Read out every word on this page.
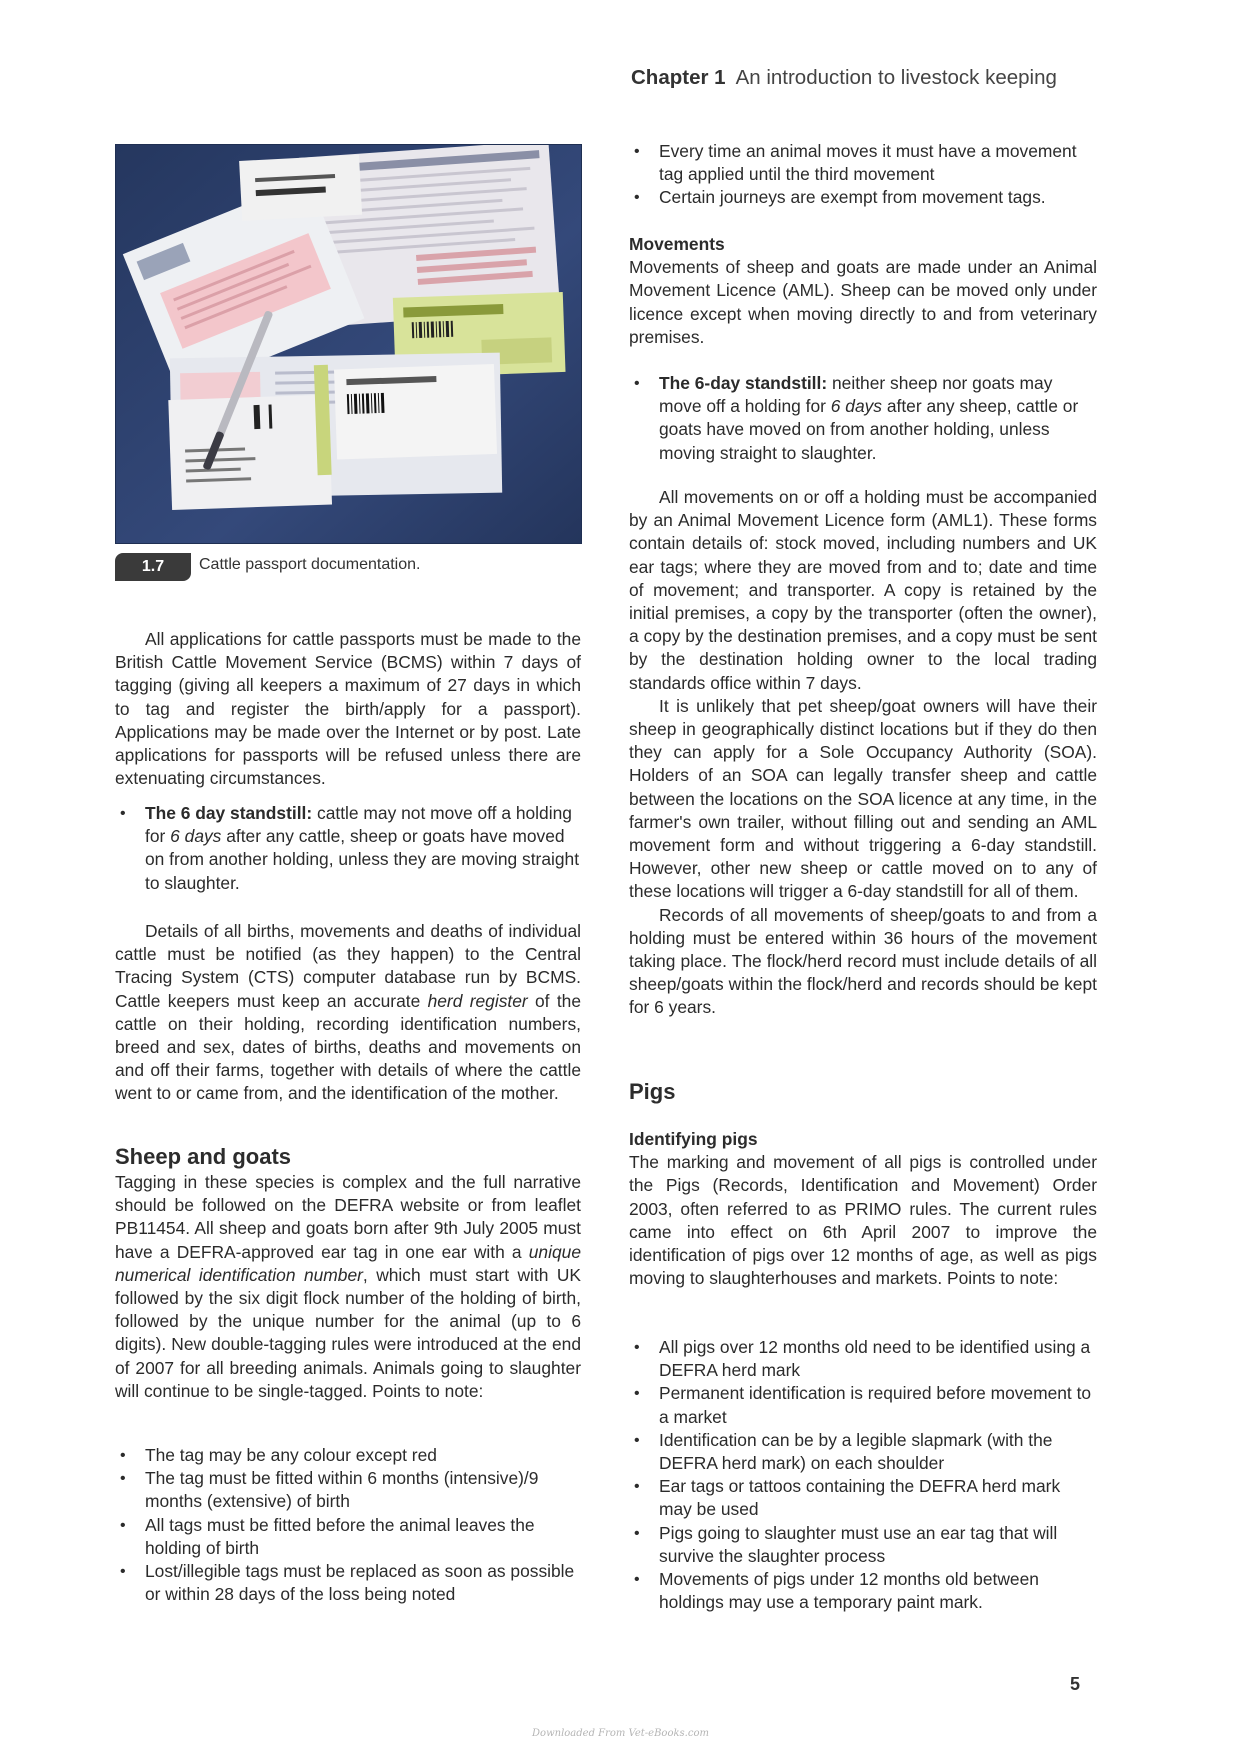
Chapter 1 An introduction to livestock keeping
1.7	Cattle passport documentation.

All applications for cattle passports must be made to the British Cattle Movement Service (BCMS) within 7 days of tagging (giving all keepers a maximum of 27 days in which to tag and register the birth/apply for a passport). Applications may be made over the Internet or by post. Late applications for passports will be refused unless there are extenuating circumstances.

• The 6 day standstill: cattle may not move off a holding for 6 days after any cattle, sheep or goats have moved on from another holding, unless they are moving straight to slaughter.

Details of all births, movements and deaths of individual cattle must be notified (as they happen) to the Central Tracing System (CTS) computer database run by BCMS. Cattle keepers must keep an accurate herd register of the cattle on their holding, recording identification numbers, breed and sex, dates of births, deaths and movements on and off their farms, together with details of where the cattle went to or came from, and the identification of the mother.

Sheep and goats

Tagging in these species is complex and the full narrative should be followed on the DEFRA website or from leaflet PB11454. All sheep and goats born after 9th July 2005 must have a DEFRA-approved ear tag in one ear with a unique numerical identification number, which must start with UK followed by the six digit flock number of the holding of birth, followed by the unique number for the animal (up to 6 digits). New double-tagging rules were introduced at the end of 2007 for all breeding animals. Animals going to slaughter will continue to be single-tagged. Points to note:

• The tag may be any colour except red
• The tag must be fitted within 6 months (intensive)/9 months (extensive) of birth
• All tags must be fitted before the animal leaves the holding of birth
• Lost/illegible tags must be replaced as soon as possible or within 28 days of the loss being noted
• Every time an animal moves it must have a movement tag applied until the third movement
• Certain journeys are exempt from movement tags.
Movements

Movements of sheep and goats are made under an Animal Movement Licence (AML). Sheep can be moved only under licence except when moving directly to and from veterinary premises.

• The 6-day standstill: neither sheep nor goats may move off a holding for 6 days after any sheep, cattle or goats have moved on from another holding, unless moving straight to slaughter.

All movements on or off a holding must be accompanied by an Animal Movement Licence form (AML1). These forms contain details of: stock moved, including numbers and UK ear tags; where they are moved from and to; date and time of movement; and transporter. A copy is retained by the initial premises, a copy by the transporter (often the owner), a copy by the destination premises, and a copy must be sent by the destination holding owner to the local trading standards office within 7 days.

It is unlikely that pet sheep/goat owners will have their sheep in geographically distinct locations but if they do then they can apply for a Sole Occupancy Authority (SOA). Holders of an SOA can legally transfer sheep and cattle between the locations on the SOA licence at any time, in the farmer's own trailer, without filling out and sending an AML movement form and without triggering a 6-day standstill. However, other new sheep or cattle moved on to any of these locations will trigger a 6-day standstill for all of them.

Records of all movements of sheep/goats to and from a holding must be entered within 36 hours of the movement taking place. The flock/herd record must include details of all sheep/goats within the flock/herd and records should be kept for 6 years.

Pigs
Identifying pigs

The marking and movement of all pigs is controlled under the Pigs (Records, Identification and Movement) Order 2003, often referred to as PRIMO rules. The current rules came into effect on 6th April 2007 to improve the identification of pigs over 12 months of age, as well as pigs moving to slaughterhouses and markets. Points to note:

• All pigs over 12 months old need to be identified using a DEFRA herd mark
• Permanent identification is required before movement to a market
• Identification can be by a legible slapmark (with the DEFRA herd mark) on each shoulder
• Ear tags or tattoos containing the DEFRA herd mark may be used
• Pigs going to slaughter must use an ear tag that will survive the slaughter process
• Movements of pigs under 12 months old between holdings may use a temporary paint mark.
5
Downloaded From Vet-eBooks.com
